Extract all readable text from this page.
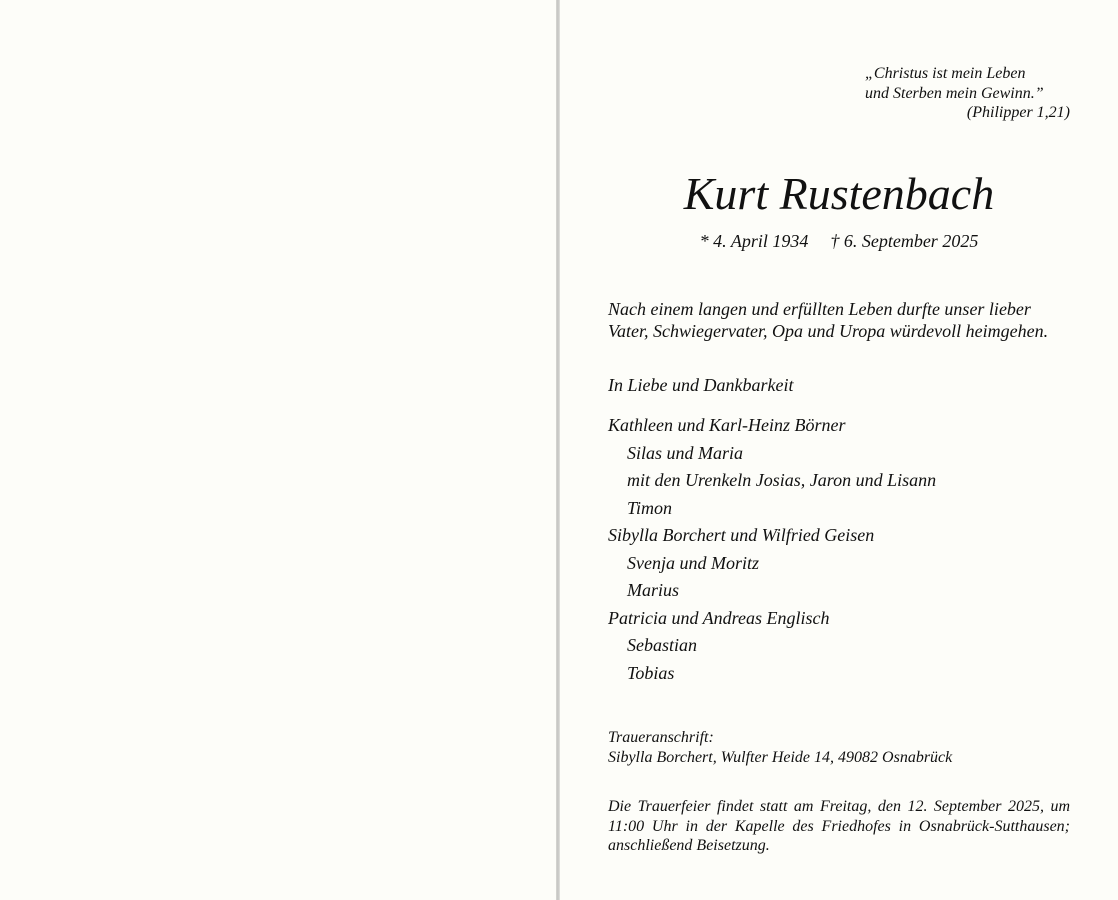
„Christus ist mein Leben
und Sterben mein Gewinn.”
(Philipper 1,21)
Kurt Rustenbach
* 4. April 1934 † 6. September 2025
Nach einem langen und erfüllten Leben durfte unser lieber
Vater, Schwiegervater, Opa und Uropa würdevoll heimgehen.
In Liebe und Dankbarkeit
Kathleen und Karl-Heinz Börner
Silas und Maria
mit den Urenkeln Josias, Jaron und Lisann
Timon
Sibylla Borchert und Wilfried Geisen
Svenja und Moritz
Marius
Patricia und Andreas Englisch
Sebastian
Tobias
Traueranschrift:
Sibylla Borchert, Wulfter Heide 14, 49082 Osnabrück
Die Trauerfeier findet statt am Freitag, den 12. September 2025, um 11:00 Uhr in der Kapelle des Friedhofes in Osnabrück-Sutthausen; anschließend Beisetzung.
